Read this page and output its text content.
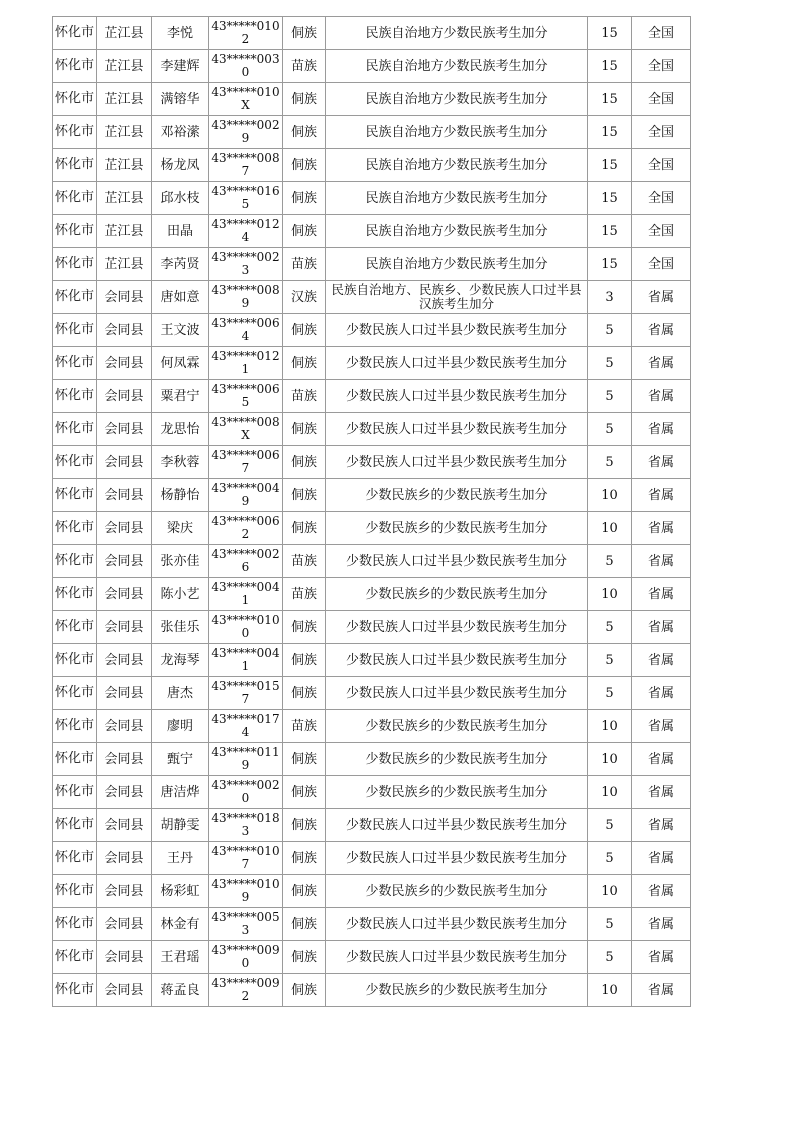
怀化市	芷江县	李悦	43*****0102	侗族	民族自治地方少数民族考生加分	15	全国
怀化市	芷江县	李建辉	43*****0030	苗族	民族自治地方少数民族考生加分	15	全国
怀化市	芷江县	满镕华	43*****010X	侗族	民族自治地方少数民族考生加分	15	全国
怀化市	芷江县	邓裕潆	43*****0029	侗族	民族自治地方少数民族考生加分	15	全国
怀化市	芷江县	杨龙凤	43*****0087	侗族	民族自治地方少数民族考生加分	15	全国
怀化市	芷江县	邱水枝	43*****0165	侗族	民族自治地方少数民族考生加分	15	全国
怀化市	芷江县	田晶	43*****0124	侗族	民族自治地方少数民族考生加分	15	全国
怀化市	芷江县	李芮贤	43*****0023	苗族	民族自治地方少数民族考生加分	15	全国
怀化市	会同县	唐如意	43*****0089	汉族	民族自治地方、民族乡、少数民族人口过半县汉族考生加分	3	省属
怀化市	会同县	王文波	43*****0064	侗族	少数民族人口过半县少数民族考生加分	5	省属
怀化市	会同县	何凤霖	43*****0121	侗族	少数民族人口过半县少数民族考生加分	5	省属
怀化市	会同县	粟君宁	43*****0065	苗族	少数民族人口过半县少数民族考生加分	5	省属
怀化市	会同县	龙思怡	43*****008X	侗族	少数民族人口过半县少数民族考生加分	5	省属
怀化市	会同县	李秋蓉	43*****0067	侗族	少数民族人口过半县少数民族考生加分	5	省属
怀化市	会同县	杨静怡	43*****0049	侗族	少数民族乡的少数民族考生加分	10	省属
怀化市	会同县	梁庆	43*****0062	侗族	少数民族乡的少数民族考生加分	10	省属
怀化市	会同县	张亦佳	43*****0026	苗族	少数民族人口过半县少数民族考生加分	5	省属
怀化市	会同县	陈小艺	43*****0041	苗族	少数民族乡的少数民族考生加分	10	省属
怀化市	会同县	张佳乐	43*****0100	侗族	少数民族人口过半县少数民族考生加分	5	省属
怀化市	会同县	龙海琴	43*****0041	侗族	少数民族人口过半县少数民族考生加分	5	省属
怀化市	会同县	唐杰	43*****0157	侗族	少数民族人口过半县少数民族考生加分	5	省属
怀化市	会同县	廖明	43*****0174	苗族	少数民族乡的少数民族考生加分	10	省属
怀化市	会同县	甄宁	43*****0119	侗族	少数民族乡的少数民族考生加分	10	省属
怀化市	会同县	唐洁烨	43*****0020	侗族	少数民族乡的少数民族考生加分	10	省属
怀化市	会同县	胡静雯	43*****0183	侗族	少数民族人口过半县少数民族考生加分	5	省属
怀化市	会同县	王丹	43*****0107	侗族	少数民族人口过半县少数民族考生加分	5	省属
怀化市	会同县	杨彩虹	43*****0109	侗族	少数民族乡的少数民族考生加分	10	省属
怀化市	会同县	林金有	43*****0053	侗族	少数民族人口过半县少数民族考生加分	5	省属
怀化市	会同县	王君瑶	43*****0090	侗族	少数民族人口过半县少数民族考生加分	5	省属
怀化市	会同县	蒋孟良	43*****0092	侗族	少数民族乡的少数民族考生加分	10	省属
